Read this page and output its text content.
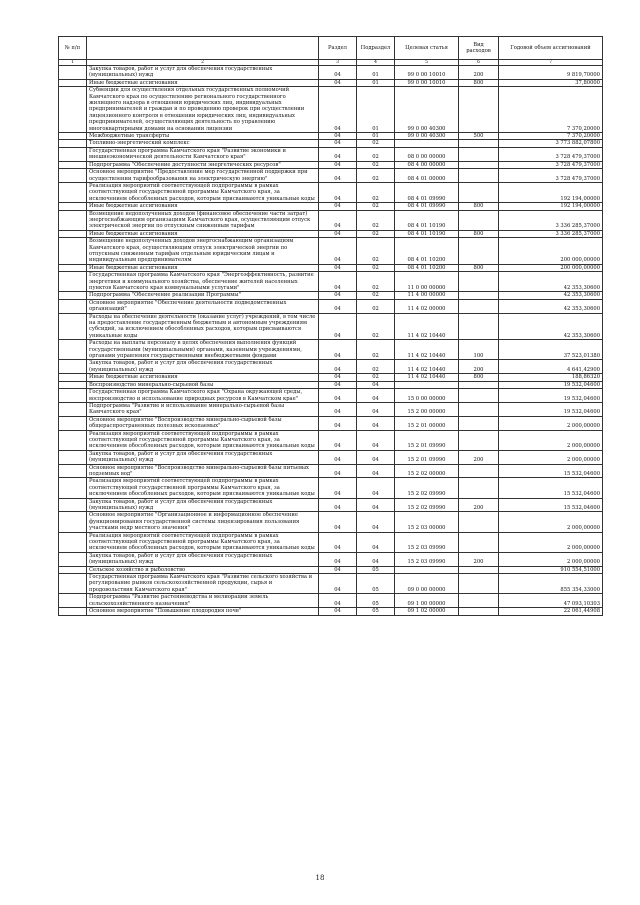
№ п/п		Раздел	Подраздел	Целевая статья	Вид расходов	Годовой объем ассигнований
1	2	3	4	5	6	7
	Закупка товаров, работ и услуг для обеспечения государственных (муниципальных) нужд	04	01	99 0 00 10010	200	9 819,70000
	Иные бюджетные ассигнования	04	01	99 0 00 10010	800	37,80000
	Субвенции для осуществления отдельных государственных полномочий Камчатского края по осуществлению регионального государственного жилищного надзора в отношении юридических лиц, индивидуальных предпринимателей и граждан и по проведению проверок при осуществлении лицензионного контроля в отношении юридических лиц, индивидуальных предпринимателей, осуществляющих деятельность по управлению многоквартирными домами на основании лицензии	04	01	99 0 00 40300		7 370,20000
	Межбюджетные трансферты	04	01	99 0 00 40300	500	7 370,20000
	Топливно-энергетический комплекс	04	02			3 773 882,07800
	Государственная программа Камчатского края "Развитие экономики и внешнеэкономической деятельности Камчатского края"	04	02	08 0 00 00000		3 728 479,37000
	Подпрограмма "Обеспечение доступности энергетических ресурсов"	04	02	08 4 00 00000		3 728 479,37000
	Основное мероприятие "Предоставление мер государственной поддержки при осуществлении тарифообразования на электрическую энергию"	04	02	08 4 01 00000		3 728 479,37000
	Реализация мероприятий соответствующей подпрограммы в рамках соответствующей государственной программы Камчатского края, за исключением обособленных расходов, которым присваиваются уникальные коды	04	02	08 4 01 09990		192 194,00000
	Иные бюджетные ассигнования	04	02	08 4 01 09990	800	192 194,00000
	Возмещение недополученных доходов (финансовое обеспечение части затрат) энергоснабжающим организациям Камчатского края, осуществляющим отпуск электрической энергии по отпускным сниженным тарифам	04	02	08 4 01 10190		3 336 285,37000
	Иные бюджетные ассигнования	04	02	08 4 01 10190	800	3 336 285,37000
	Возмещение недополученных доходов энергоснабжающим организациям Камчатского края, осуществляющим отпуск электрической энергии по отпускным сниженным тарифам отдельным юридическим лицам и индивидуальным предпринимателям	04	02	08 4 01 10200		200 000,00000
	Иные бюджетные ассигнования	04	02	08 4 01 10200	800	200 000,00000
	Государственная программа Камчатского края "Энергоэффективность, развитие энергетики и коммунального хозяйства, обеспечение жителей населенных пунктов Камчатского края коммунальными услугами"	04	02	11 0 00 00000		42 353,30600
	Подпрограмма "Обеспечение реализации Программы"	04	02	11 4 00 00000		42 353,30600
	Основное мероприятие "Обеспечение деятельности подведомственных организаций"	04	02	11 4 02 00000		42 353,30600
	Расходы на обеспечение деятельности (оказание услуг) учреждений, в том числе на предоставление государственным бюджетным и автономным учреждениям субсидий, за исключением обособленных расходов, которым присваиваются уникальные коды	04	02	11 4 02 10440		42 353,30600
	Расходы на выплаты персоналу в целях обеспечения выполнения функций государственными (муниципальными) органами, казенными учреждениями, органами управления государственными внебюджетными фондами	04	02	11 4 02 10440	100	37 523,01380
	Закупка товаров, работ и услуг для обеспечения государственных (муниципальных) нужд	04	02	11 4 02 10440	200	4 641,42900
	Иные бюджетные ассигнования	04	02	11 4 02 10440	800	188,86320
	Воспроизводство минерально-сырьевой базы	04	04			19 532,04600
	Государственная программа Камчатского края "Охрана окружающей среды, воспроизводство и использование природных ресурсов в Камчатском крае"	04	04	15 0 00 00000		19 532,04600
	Подпрограмма "Развитие и использование минерально-сырьевой базы Камчатского края"	04	04	15 2 00 00000		19 532,04600
	Основное мероприятие "Воспроизводство минерально-сырьевой базы общераспространенных полезных ископаемых"	04	04	15 2 01 00000		2 000,00000
	Реализация мероприятий соответствующей подпрограммы в рамках соответствующей государственной программы Камчатского края, за исключением обособленных расходов, которым присваиваются уникальные коды	04	04	15 2 01 09990		2 000,00000
	Закупка товаров, работ и услуг для обеспечения государственных (муниципальных) нужд	04	04	15 2 01 09990	200	2 000,00000
	Основное мероприятие "Воспроизводство минерально-сырьевой базы питьевых подземных вод"	04	04	15 2 02 00000		15 532,04600
	Реализация мероприятий соответствующей подпрограммы в рамках соответствующей государственной программы Камчатского края, за исключением обособленных расходов, которым присваиваются уникальные коды	04	04	15 2 02 09990		15 532,04600
	Закупка товаров, работ и услуг для обеспечения государственных (муниципальных) нужд	04	04	15 2 02 09990	200	15 532,04600
	Основное мероприятие "Организационное и информационное обеспечение функционирования государственной системы лицензирования пользования участками недр местного значения"	04	04	15 2 03 00000		2 000,00000
	Реализация мероприятий соответствующей подпрограммы в рамках соответствующей государственной программы Камчатского края, за исключением обособленных расходов, которым присваиваются уникальные коды	04	04	15 2 03 09990		2 000,00000
	Закупка товаров, работ и услуг для обеспечения государственных (муниципальных) нужд	04	04	15 2 03 09990	200	2 000,00000
	Сельское хозяйство и рыболовство	04	05			910 554,51000
	Государственная программа Камчатского края "Развитие сельского хозяйства и регулирование рынков сельскохозяйственной продукции, сырья и продовольствия Камчатского края"	04	05	09 0 00 00000		855 354,33000
	Подпрограмма "Развитие растениеводства и мелиорации земель сельскохозяйственного назначения"	04	05	09 1 00 00000		47 093,10303
	Основное мероприятие "Повышение плодородия почв"	04	05	09 1 02 00000		22 061,44908
18
